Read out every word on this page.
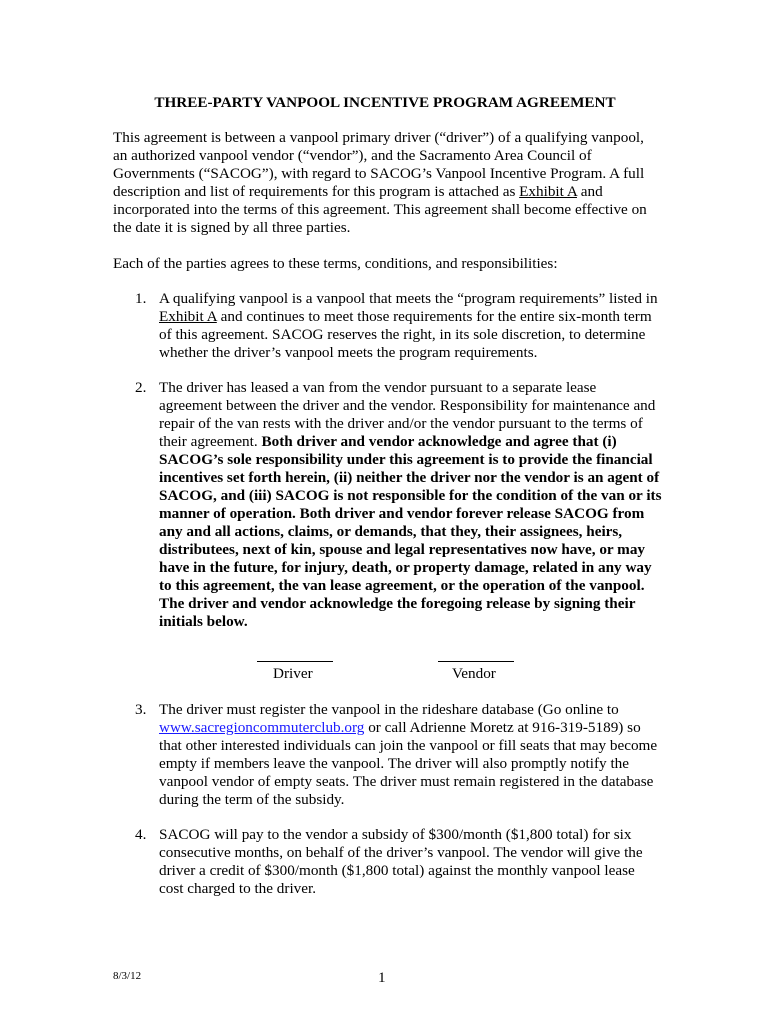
THREE-PARTY VANPOOL INCENTIVE PROGRAM AGREEMENT
This agreement is between a vanpool primary driver (“driver”) of a qualifying vanpool, an authorized vanpool vendor (“vendor”), and the Sacramento Area Council of Governments (“SACOG”), with regard to SACOG’s Vanpool Incentive Program. A full description and list of requirements for this program is attached as Exhibit A and incorporated into the terms of this agreement. This agreement shall become effective on the date it is signed by all three parties.
Each of the parties agrees to these terms, conditions, and responsibilities:
1. A qualifying vanpool is a vanpool that meets the “program requirements” listed in Exhibit A and continues to meet those requirements for the entire six-month term of this agreement. SACOG reserves the right, in its sole discretion, to determine whether the driver’s vanpool meets the program requirements.
2. The driver has leased a van from the vendor pursuant to a separate lease agreement between the driver and the vendor. Responsibility for maintenance and repair of the van rests with the driver and/or the vendor pursuant to the terms of their agreement. Both driver and vendor acknowledge and agree that (i) SACOG’s sole responsibility under this agreement is to provide the financial incentives set forth herein, (ii) neither the driver nor the vendor is an agent of SACOG, and (iii) SACOG is not responsible for the condition of the van or its manner of operation. Both driver and vendor forever release SACOG from any and all actions, claims, or demands, that they, their assignees, heirs, distributees, next of kin, spouse and legal representatives now have, or may have in the future, for injury, death, or property damage, related in any way to this agreement, the van lease agreement, or the operation of the vanpool. The driver and vendor acknowledge the foregoing release by signing their initials below.
Driver	Vendor
3. The driver must register the vanpool in the rideshare database (Go online to www.sacregioncommuterclub.org or call Adrienne Moretz at 916-319-5189) so that other interested individuals can join the vanpool or fill seats that may become empty if members leave the vanpool. The driver will also promptly notify the vanpool vendor of empty seats. The driver must remain registered in the database during the term of the subsidy.
4. SACOG will pay to the vendor a subsidy of $300/month ($1,800 total) for six consecutive months, on behalf of the driver’s vanpool. The vendor will give the driver a credit of $300/month ($1,800 total) against the monthly vanpool lease cost charged to the driver.
8/3/12	1
